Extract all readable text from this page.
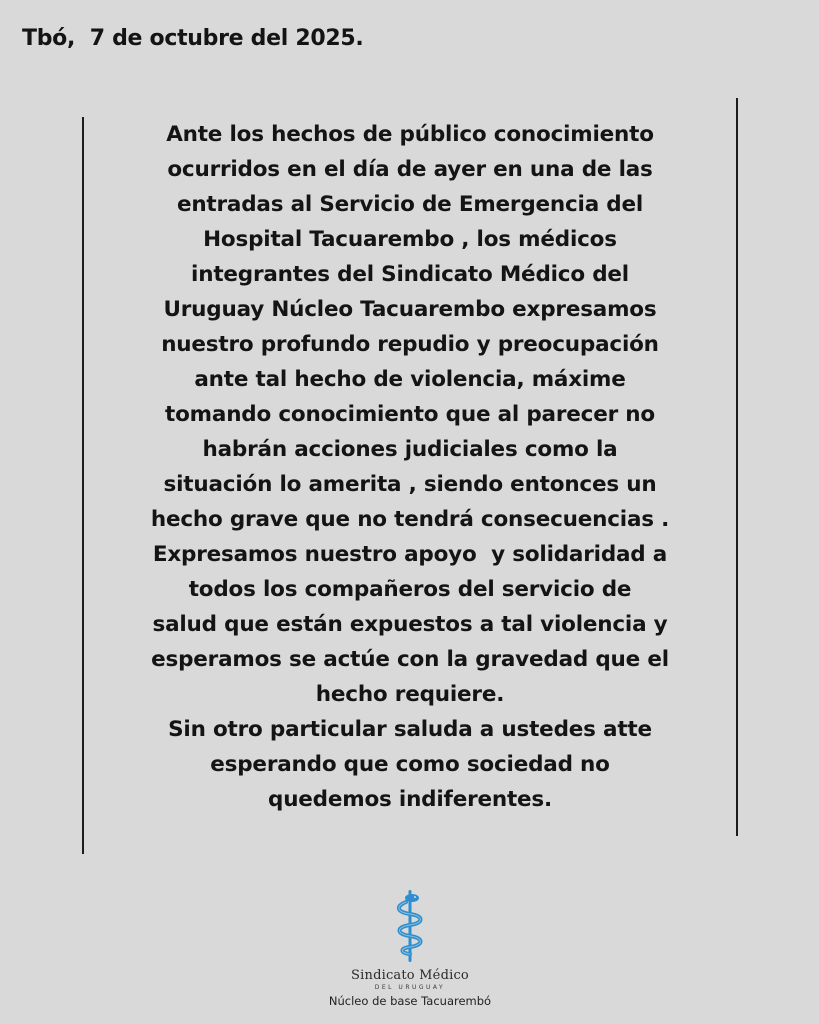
Tbó,  7 de octubre del 2025.
Ante los hechos de público conocimiento
ocurridos en el día de ayer en una de las
entradas al Servicio de Emergencia del
Hospital Tacuarembo , los médicos
integrantes del Sindicato Médico del
Uruguay Núcleo Tacuarembo expresamos
nuestro profundo repudio y preocupación
ante tal hecho de violencia, máxime
tomando conocimiento que al parecer no
habrán acciones judiciales como la
situación lo amerita , siendo entonces un
hecho grave que no tendrá consecuencias .
Expresamos nuestro apoyo  y solidaridad a
todos los compañeros del servicio de
salud que están expuestos a tal violencia y
esperamos se actúe con la gravedad que el
hecho requiere.
Sin otro particular saluda a ustedes atte
esperando que como sociedad no
quedemos indiferentes.
Sindicato Médico
DEL URUGUAY
Núcleo de base Tacuarembó
